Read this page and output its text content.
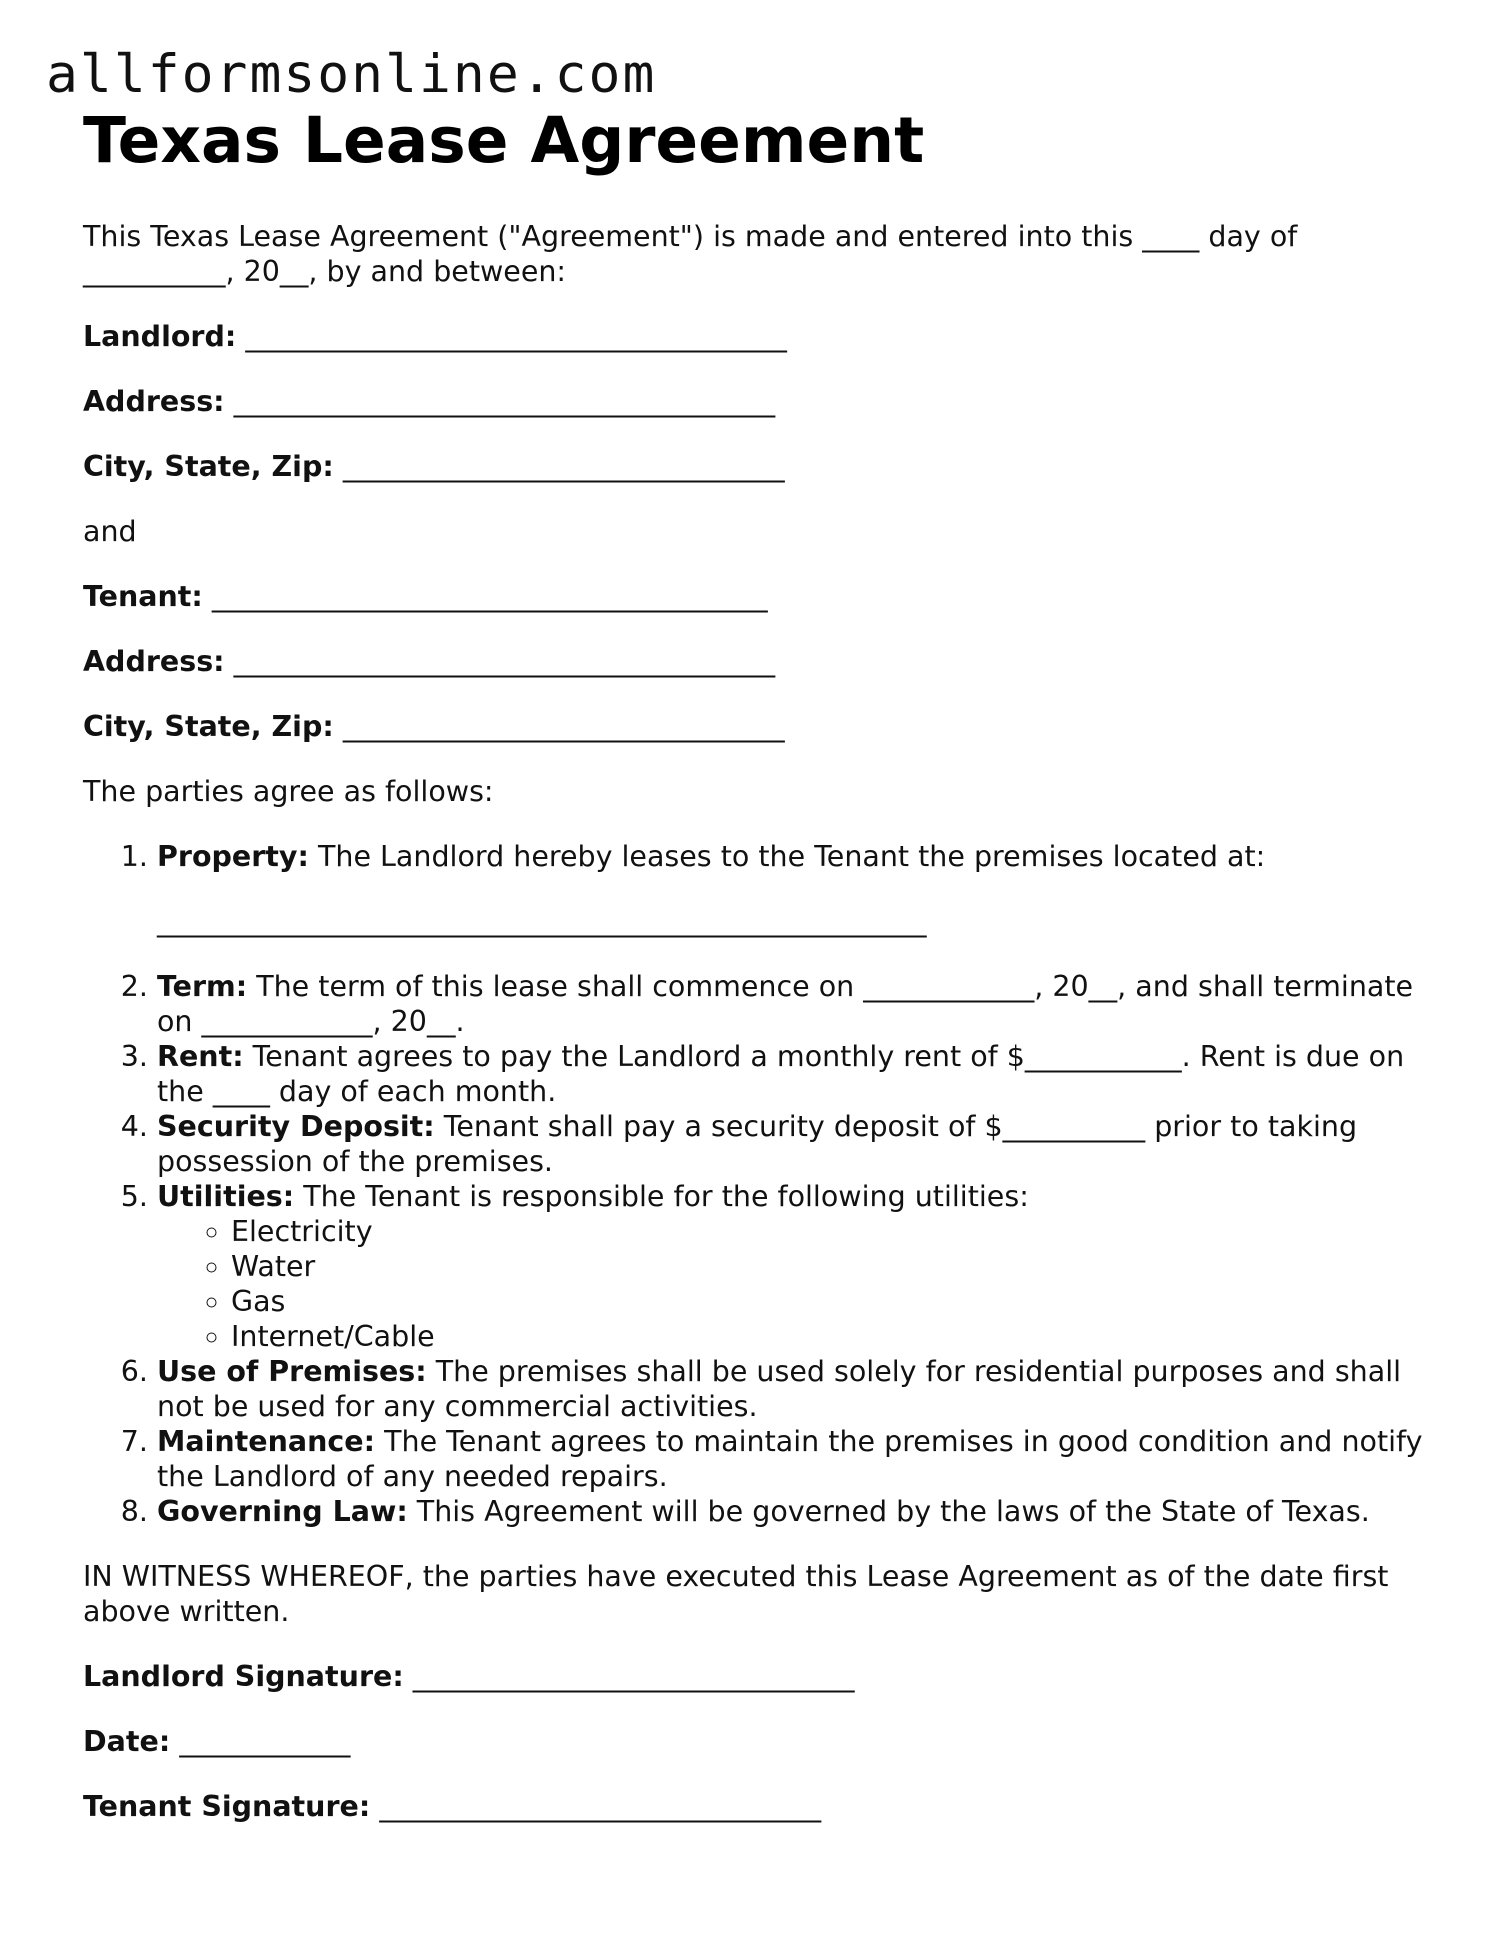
allformsonline.com
Texas Lease Agreement

This Texas Lease Agreement ("Agreement") is made and entered into this ____ day of __________, 20__, by and between:

Landlord: ______________________________________

Address: ______________________________________

City, State, Zip: _______________________________

and

Tenant: _______________________________________

Address: ______________________________________

City, State, Zip: _______________________________

The parties agree as follows:

1. Property: The Landlord hereby leases to the Tenant the premises located at:
______________________________________________________
2. Term: The term of this lease shall commence on ____________, 20__, and shall terminate on ____________, 20__.
3. Rent: Tenant agrees to pay the Landlord a monthly rent of $___________. Rent is due on the ____ day of each month.
4. Security Deposit: Tenant shall pay a security deposit of $__________ prior to taking possession of the premises.
5. Utilities: The Tenant is responsible for the following utilities:
◦ Electricity
◦ Water
◦ Gas
◦ Internet/Cable
6. Use of Premises: The premises shall be used solely for residential purposes and shall not be used for any commercial activities.
7. Maintenance: The Tenant agrees to maintain the premises in good condition and notify the Landlord of any needed repairs.
8. Governing Law: This Agreement will be governed by the laws of the State of Texas.

IN WITNESS WHEREOF, the parties have executed this Lease Agreement as of the date first above written.

Landlord Signature: _______________________________

Date: ____________

Tenant Signature: _______________________________
